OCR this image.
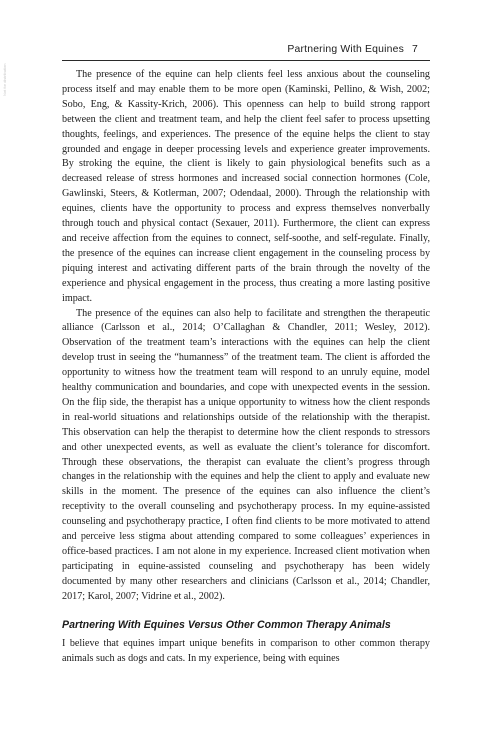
Partnering With Equines 7
Not for distribution	The presence of the equine can help clients feel less anxious about the counseling process itself and may enable them to be more open (Kaminski, Pellino, & Wish, 2002; Sobo, Eng, & Kassity-Krich, 2006). This openness can help to build strong rapport between the client and treatment team, and help the client feel safer to process upsetting thoughts, feelings, and experiences. The presence of the equine helps the client to stay grounded and engage in deeper processing levels and experience greater improvements. By stroking the equine, the client is likely to gain physiological benefits such as a decreased release of stress hormones and increased social connection hormones (Cole, Gawlinski, Steers, & Kotlerman, 2007; Odendaal, 2000). Through the relationship with equines, clients have the opportunity to process and express themselves nonverbally through touch and physical contact (Sexauer, 2011). Furthermore, the client can express and receive affection from the equines to connect, self-soothe, and self-regulate. Finally, the presence of the equines can increase client engagement in the counseling process by piquing interest and activating different parts of the brain through the novelty of the experience and physical engagement in the process, thus creating a more lasting positive impact.

The presence of the equines can also help to facilitate and strengthen the therapeutic alliance (Carlsson et al., 2014; O’Callaghan & Chandler, 2011; Wesley, 2012). Observation of the treatment team’s interactions with the equines can help the client develop trust in seeing the “humanness” of the treatment team. The client is afforded the opportunity to witness how the treatment team will respond to an unruly equine, model healthy communication and boundaries, and cope with unexpected events in the session. On the flip side, the therapist has a unique opportunity to witness how the client responds in real-world situations and relationships outside of the relationship with the therapist. This observation can help the therapist to determine how the client responds to stressors and other unexpected events, as well as evaluate the client’s tolerance for discomfort. Through these observations, the therapist can evaluate the client’s progress through changes in the relationship with the equines and help the client to apply and evaluate new skills in the moment. The presence of the equines can also influence the client’s receptivity to the overall counseling and psychotherapy process. In my equine-assisted counseling and psychotherapy practice, I often find clients to be more motivated to attend and perceive less stigma about attending compared to some colleagues’ experiences in office-based practices. I am not alone in my experience. Increased client motivation when participating in equine-assisted counseling and psychotherapy has been widely documented by many other researchers and clinicians (Carlsson et al., 2014; Chandler, 2017; Karol, 2007; Vidrine et al., 2002).

Partnering With Equines Versus Other Common Therapy Animals

I believe that equines impart unique benefits in comparison to other common therapy animals such as dogs and cats. In my experience, being with equines
